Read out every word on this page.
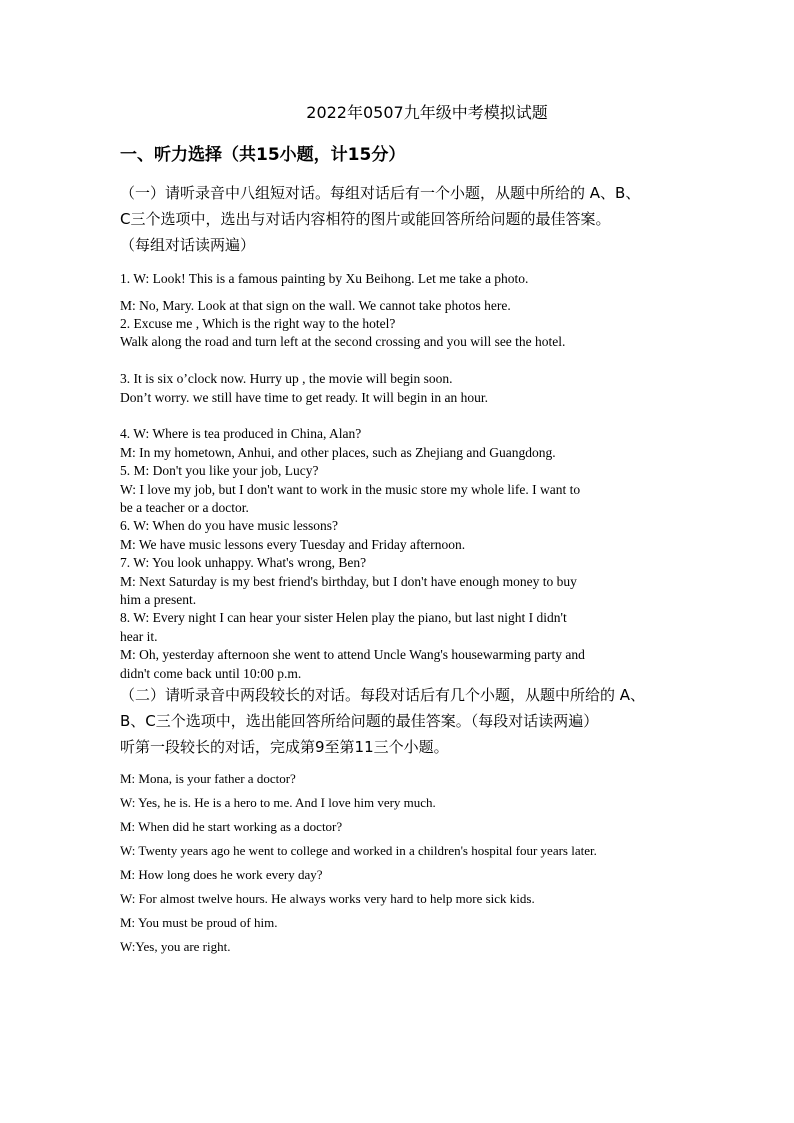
2022年0507九年级中考模拟试题
一、听力选择（共15小题，计15分）
（一）请听录音中八组短对话。每组对话后有一个小题，从题中所给的 A、B、
C三个选项中，选出与对话内容相符的图片或能回答所给问题的最佳答案。
（每组对话读两遍）
1. W: Look! This is a famous painting by Xu Beihong. Let me take a photo.
M: No, Mary. Look at that sign on the wall. We cannot take photos here.
2. Excuse me , Which is the right way to the hotel?
Walk along the road and turn left at the second crossing and you will see the hotel.
3. It is six o’clock now. Hurry up , the movie will begin soon.
Don’t worry. we still have time to get ready. It will begin in an hour.
4. W: Where is tea produced in China, Alan?
M: In my hometown, Anhui, and other places, such as Zhejiang and Guangdong.
5. M: Don't you like your job, Lucy?
W: I love my job, but I don't want to work in the music store my whole life. I want to
be a teacher or a doctor.
6. W: When do you have music lessons?
M: We have music lessons every Tuesday and Friday afternoon.
7. W: You look unhappy. What's wrong, Ben?
M: Next Saturday is my best friend's birthday, but I don't have enough money to buy
him a present.
8. W: Every night I can hear your sister Helen play the piano, but last night I didn't
hear it.
M: Oh, yesterday afternoon she went to attend Uncle Wang's housewarming party and
didn't come back until 10:00 p.m.
（二）请听录音中两段较长的对话。每段对话后有几个小题，从题中所给的 A、
B、C三个选项中，选出能回答所给问题的最佳答案。（每段对话读两遍）
听第一段较长的对话，完成第9至第11三个小题。
M: Mona, is your father a doctor?
W: Yes, he is. He is a hero to me. And I love him very much.
M: When did he start working as a doctor?
W: Twenty years ago he went to college and worked in a children's hospital four years later.
M: How long does he work every day?
W: For almost twelve hours. He always works very hard to help more sick kids.
M: You must be proud of him.
W:Yes, you are right.
